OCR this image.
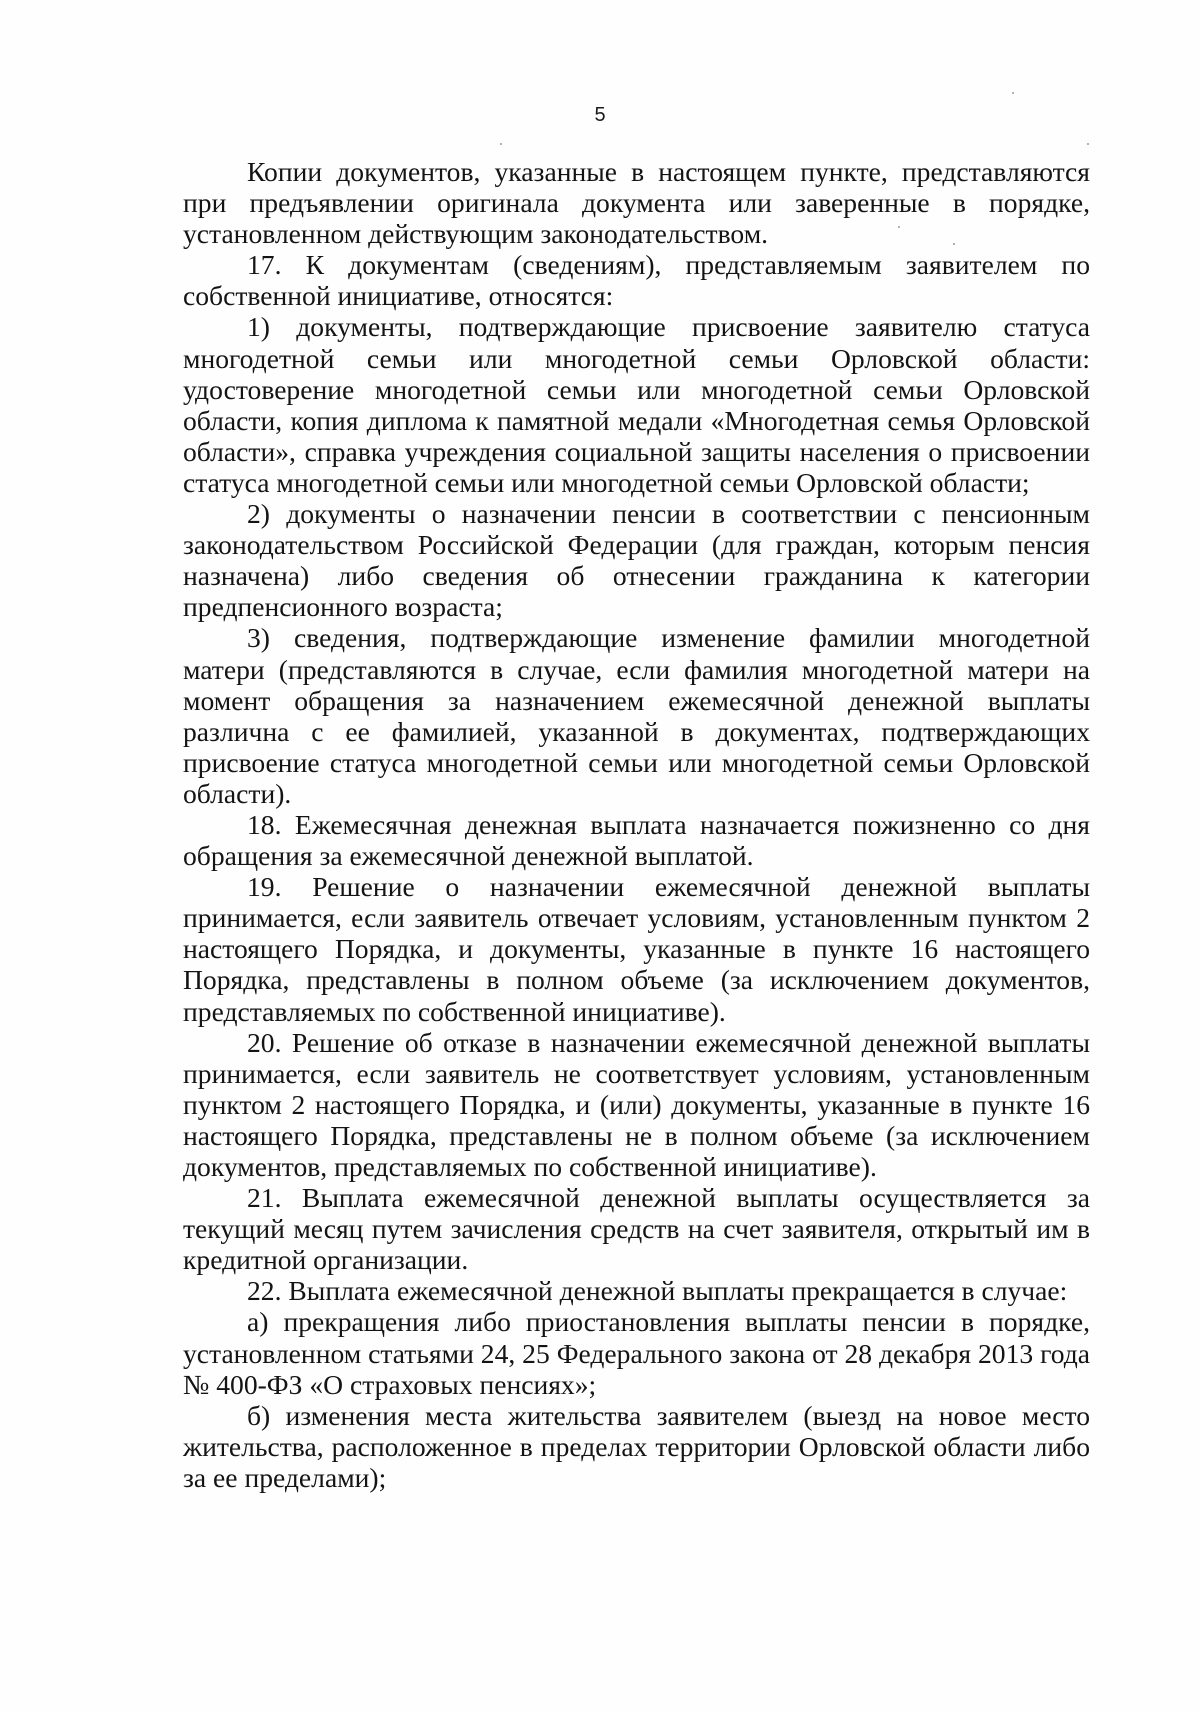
5

Копии документов, указанные в настоящем пункте, представляются при предъявлении оригинала документа или заверенные в порядке, установленном действующим законодательством.

17. К документам (сведениям), представляемым заявителем по собственной инициативе, относятся:

1) документы, подтверждающие присвоение заявителю статуса многодетной семьи или многодетной семьи Орловской области: удостоверение многодетной семьи или многодетной семьи Орловской области, копия диплома к памятной медали «Многодетная семья Орловской области», справка учреждения социальной защиты населения о присвоении статуса многодетной семьи или многодетной семьи Орловской области;

2) документы о назначении пенсии в соответствии с пенсионным законодательством Российской Федерации (для граждан, которым пенсия назначена) либо сведения об отнесении гражданина к категории предпенсионного возраста;

3) сведения, подтверждающие изменение фамилии многодетной матери (представляются в случае, если фамилия многодетной матери на момент обращения за назначением ежемесячной денежной выплаты различна с ее фамилией, указанной в документах, подтверждающих присвоение статуса многодетной семьи или многодетной семьи Орловской области).

18. Ежемесячная денежная выплата назначается пожизненно со дня обращения за ежемесячной денежной выплатой.

19. Решение о назначении ежемесячной денежной выплаты принимается, если заявитель отвечает условиям, установленным пунктом 2 настоящего Порядка, и документы, указанные в пункте 16 настоящего Порядка, представлены в полном объеме (за исключением документов, представляемых по собственной инициативе).

20. Решение об отказе в назначении ежемесячной денежной выплаты принимается, если заявитель не соответствует условиям, установленным пунктом 2 настоящего Порядка, и (или) документы, указанные в пункте 16 настоящего Порядка, представлены не в полном объеме (за исключением документов, представляемых по собственной инициативе).

21. Выплата ежемесячной денежной выплаты осуществляется за текущий месяц путем зачисления средств на счет заявителя, открытый им в кредитной организации.

22. Выплата ежемесячной денежной выплаты прекращается в случае:

а) прекращения либо приостановления выплаты пенсии в порядке, установленном статьями 24, 25 Федерального закона от 28 декабря 2013 года № 400-ФЗ «О страховых пенсиях»;

б) изменения места жительства заявителем (выезд на новое место жительства, расположенное в пределах территории Орловской области либо за ее пределами);
